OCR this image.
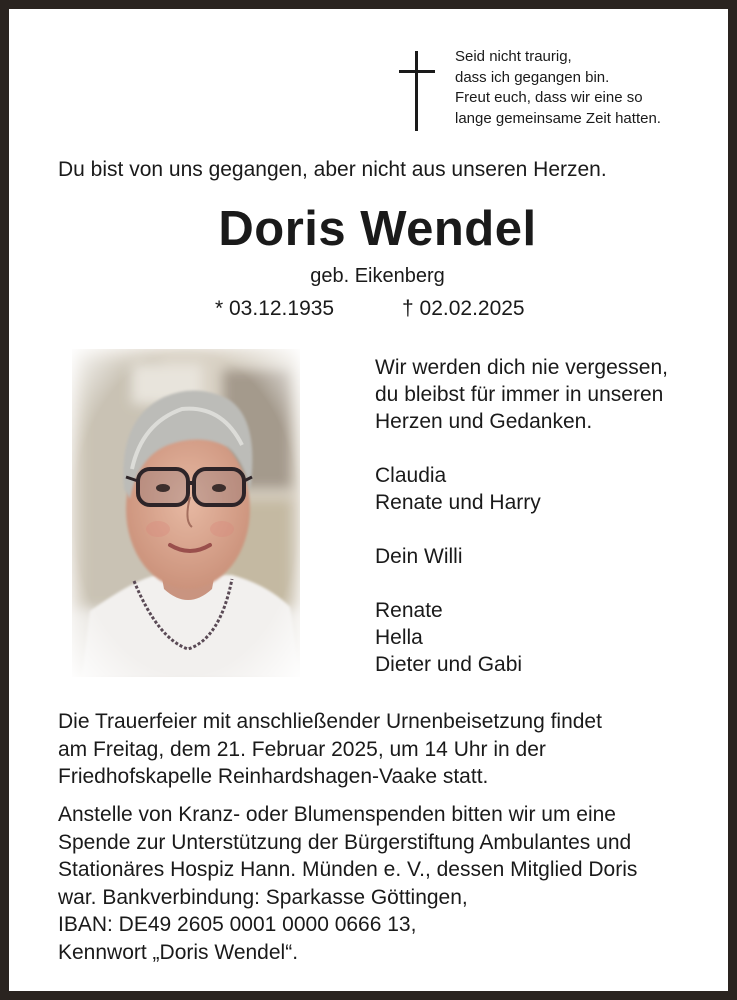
Seid nicht traurig,
dass ich gegangen bin.
Freut euch, dass wir eine so
lange gemeinsame Zeit hatten.
Du bist von uns gegangen, aber nicht aus unseren Herzen.
Doris Wendel
geb. Eikenberg
* 03.12.1935	† 02.02.2025
Wir werden dich nie vergessen,
du bleibst für immer in unseren
Herzen und Gedanken.
Claudia
Renate und Harry
Dein Willi
Renate
Hella
Dieter und Gabi
Die Trauerfeier mit anschließender Urnenbeisetzung findet
am Freitag, dem 21. Februar 2025, um 14 Uhr in der
Friedhofskapelle Reinhardshagen-Vaake statt.
Anstelle von Kranz- oder Blumenspenden bitten wir um eine
Spende zur Unterstützung der Bürgerstiftung Ambulantes und
Stationäres Hospiz Hann. Münden e. V., dessen Mitglied Doris
war. Bankverbindung: Sparkasse Göttingen,
IBAN: DE49 2605 0001 0000 0666 13,
Kennwort „Doris Wendel“.
